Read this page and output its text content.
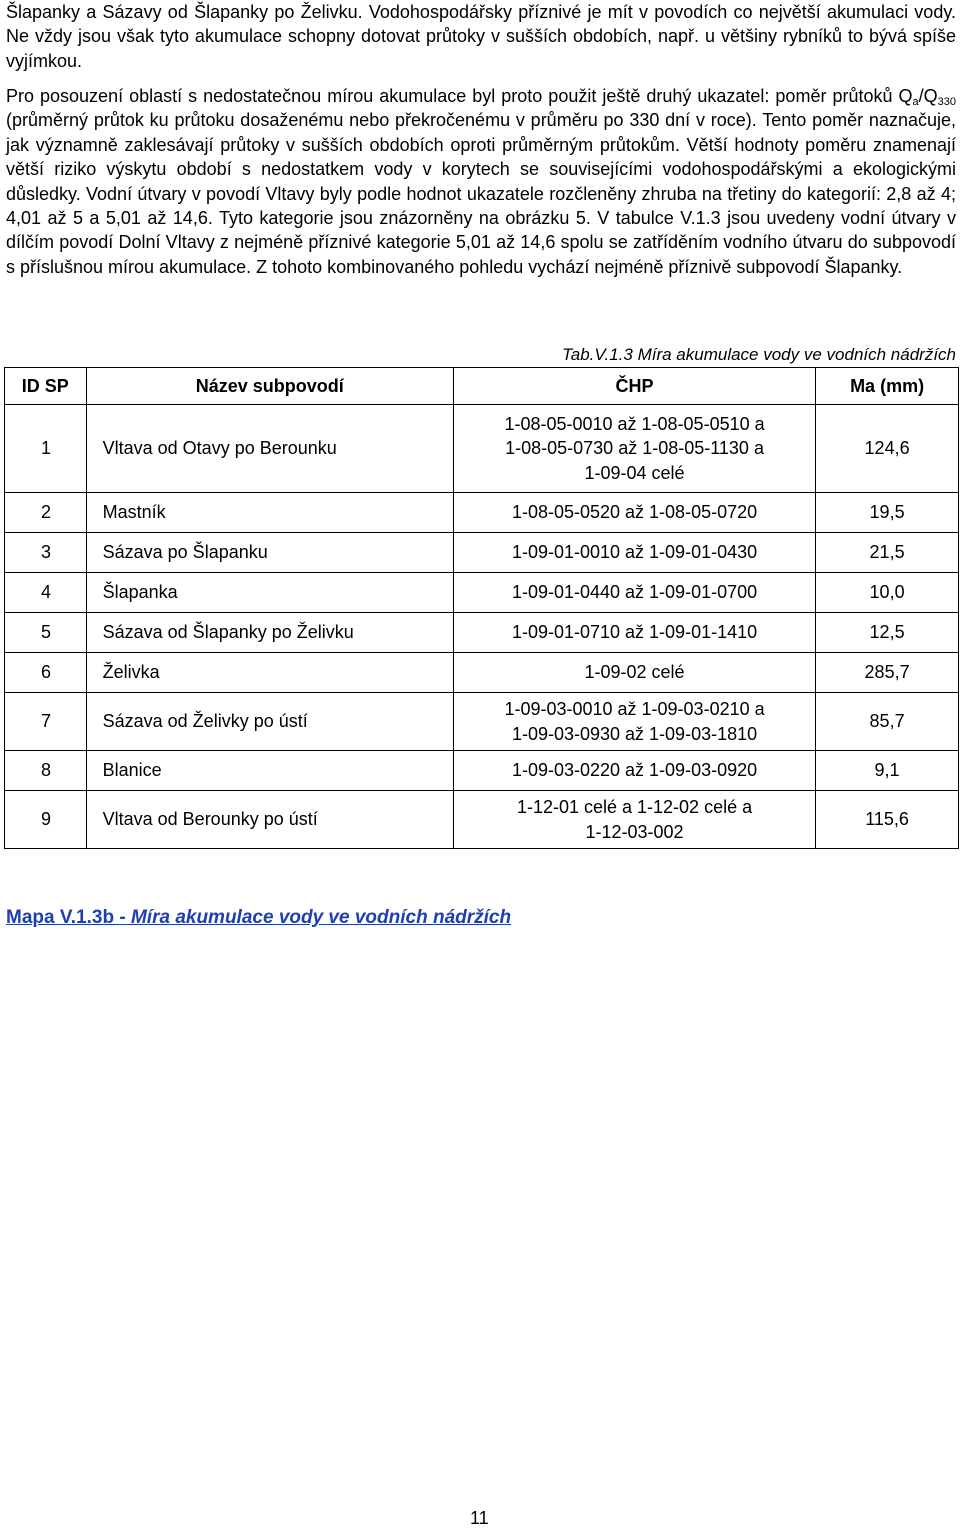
Šlapanky a Sázavy od Šlapanky po Želivku. Vodohospodářsky příznivé je mít v povodích co největší akumulaci vody. Ne vždy jsou však tyto akumulace schopny dotovat průtoky v sušších obdobích, např. u většiny rybníků to bývá spíše vyjímkou.

Pro posouzení oblastí s nedostatečnou mírou akumulace byl proto použit ještě druhý ukazatel: poměr průtoků $Q_a/Q_{330}$ (průměrný průtok ku průtoku dosaženému nebo překročenému v průměru po 330 dní v roce). Tento poměr naznačuje, jak významně zaklesávají průtoky v sušších obdobích oproti průměrným průtokům. Větší hodnoty poměru znamenají větší riziko výskytu období s nedostatkem vody v korytech se souvisejícími vodohospodářskými a ekologickými důsledky. Vodní útvary v povodí Vltavy byly podle hodnot ukazatele rozčleněny zhruba na třetiny do kategorií: 2,8 až 4; 4,01 až 5 a 5,01 až 14,6. Tyto kategorie jsou znázorněny na obrázku 5. V tabulce V.1.3 jsou uvedeny vodní útvary v dílčím povodí Dolní Vltavy z nejméně příznivé kategorie 5,01 až 14,6 spolu se zatříděním vodního útvaru do subpovodí s příslušnou mírou akumulace. Z tohoto kombinovaného pohledu vychází nejméně příznivě subpovodí Šlapanky.

Tab.V.1.3 Míra akumulace vody ve vodních nádržích
ID SP	Název subpovodí	ČHP	Ma (mm)
1	Vltava od Otavy po Berounku	1-08-05-0010 až 1-08-05-0510 a
1-08-05-0730 až 1-08-05-1130 a
1-09-04 celé	124,6
2	Mastník	1-08-05-0520 až 1-08-05-0720	19,5
3	Sázava po Šlapanku	1-09-01-0010 až 1-09-01-0430	21,5
4	Šlapanka	1-09-01-0440 až 1-09-01-0700	10,0
5	Sázava od Šlapanky po Želivku	1-09-01-0710 až 1-09-01-1410	12,5
6	Želivka	1-09-02 celé	285,7
7	Sázava od Želivky po ústí	1-09-03-0010 až 1-09-03-0210 a
1-09-03-0930 až 1-09-03-1810	85,7
8	Blanice	1-09-03-0220 až 1-09-03-0920	9,1
9	Vltava od Berounky po ústí	1-12-01 celé a 1-12-02 celé a
1-12-03-002	115,6
Mapa V.1.3b - Míra akumulace vody ve vodních nádržích
11
